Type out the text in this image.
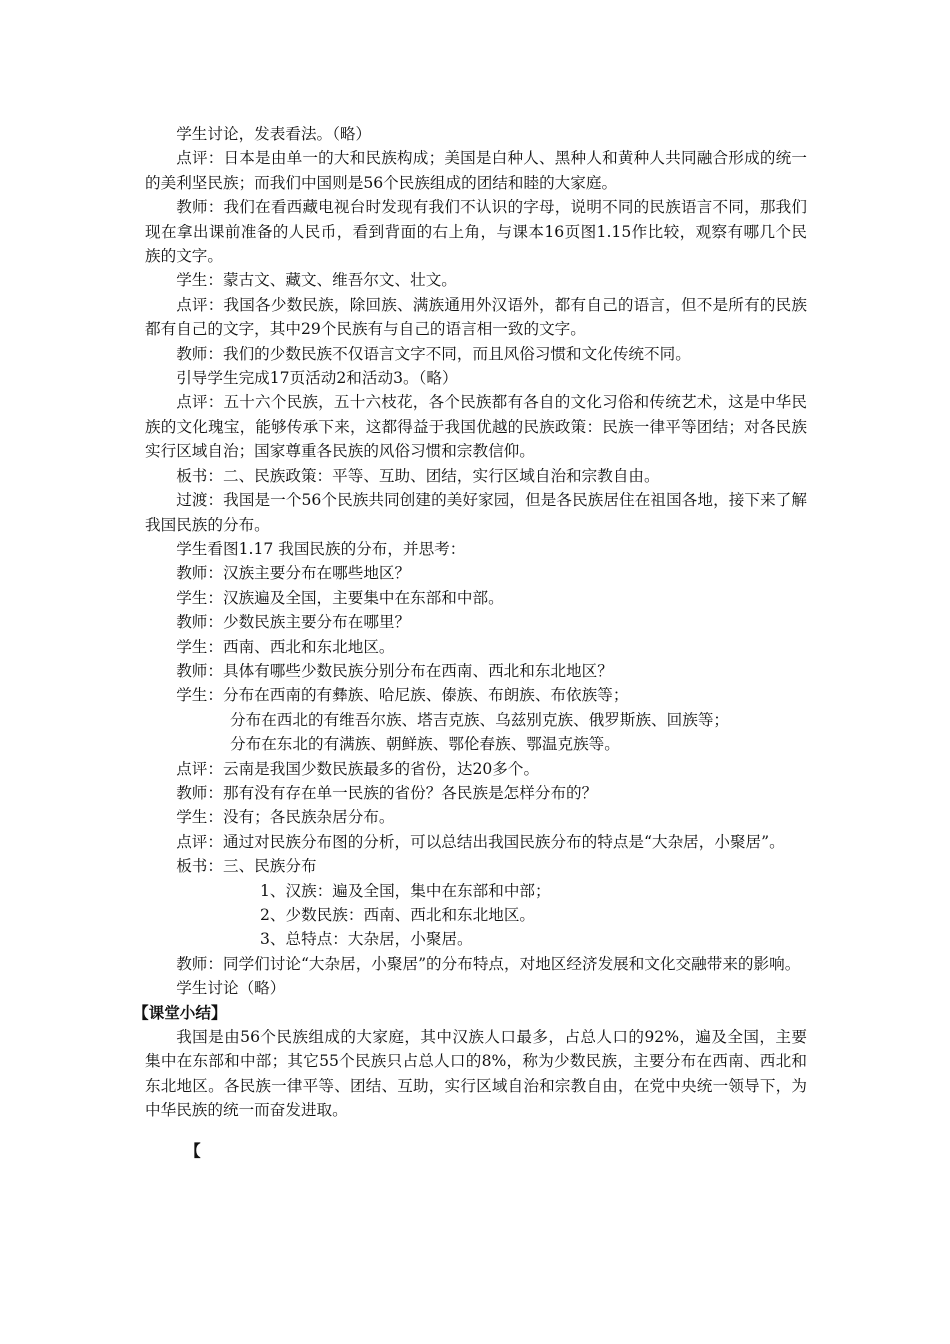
学生讨论，发表看法。（略）

点评：日本是由单一的大和民族构成；美国是白种人、黑种人和黄种人共同融合形成的统一的美利坚民族；而我们中国则是56个民族组成的团结和睦的大家庭。

教师：我们在看西藏电视台时发现有我们不认识的字母，说明不同的民族语言不同，那我们现在拿出课前准备的人民币，看到背面的右上角，与课本16页图1.15作比较，观察有哪几个民族的文字。

学生：蒙古文、藏文、维吾尔文、壮文。

点评：我国各少数民族，除回族、满族通用外汉语外，都有自己的语言，但不是所有的民族都有自己的文字，其中29个民族有与自己的语言相一致的文字。

教师：我们的少数民族不仅语言文字不同，而且风俗习惯和文化传统不同。

引导学生完成17页活动2和活动3。（略）

点评：五十六个民族，五十六枝花，各个民族都有各自的文化习俗和传统艺术，这是中华民族的文化瑰宝，能够传承下来，这都得益于我国优越的民族政策：民族一律平等团结；对各民族实行区域自治；国家尊重各民族的风俗习惯和宗教信仰。

板书：二、民族政策：平等、互助、团结，实行区域自治和宗教自由。

过渡：我国是一个56个民族共同创建的美好家园，但是各民族居住在祖国各地，接下来了解我国民族的分布。

学生看图1.17 我国民族的分布，并思考：

教师：汉族主要分布在哪些地区？

学生：汉族遍及全国，主要集中在东部和中部。

教师：少数民族主要分布在哪里？

学生：西南、西北和东北地区。

教师：具体有哪些少数民族分别分布在西南、西北和东北地区？

学生：分布在西南的有彝族、哈尼族、傣族、布朗族、布依族等；

分布在西北的有维吾尔族、塔吉克族、乌兹别克族、俄罗斯族、回族等；

分布在东北的有满族、朝鲜族、鄂伦春族、鄂温克族等。

点评：云南是我国少数民族最多的省份，达20多个。

教师：那有没有存在单一民族的省份？各民族是怎样分布的？

学生：没有；各民族杂居分布。

点评：通过对民族分布图的分析，可以总结出我国民族分布的特点是“大杂居，小聚居”。

板书：三、民族分布

1、汉族：遍及全国，集中在东部和中部；

2、少数民族：西南、西北和东北地区。

3、总特点：大杂居，小聚居。

教师：同学们讨论“大杂居，小聚居”的分布特点，对地区经济发展和文化交融带来的影响。

学生讨论（略）

【课堂小结】

我国是由56个民族组成的大家庭，其中汉族人口最多，占总人口的92%，遍及全国，主要集中在东部和中部；其它55个民族只占总人口的8%，称为少数民族，主要分布在西南、西北和东北地区。各民族一律平等、团结、互助，实行区域自治和宗教自由，在党中央统一领导下，为中华民族的统一而奋发进取。

【
